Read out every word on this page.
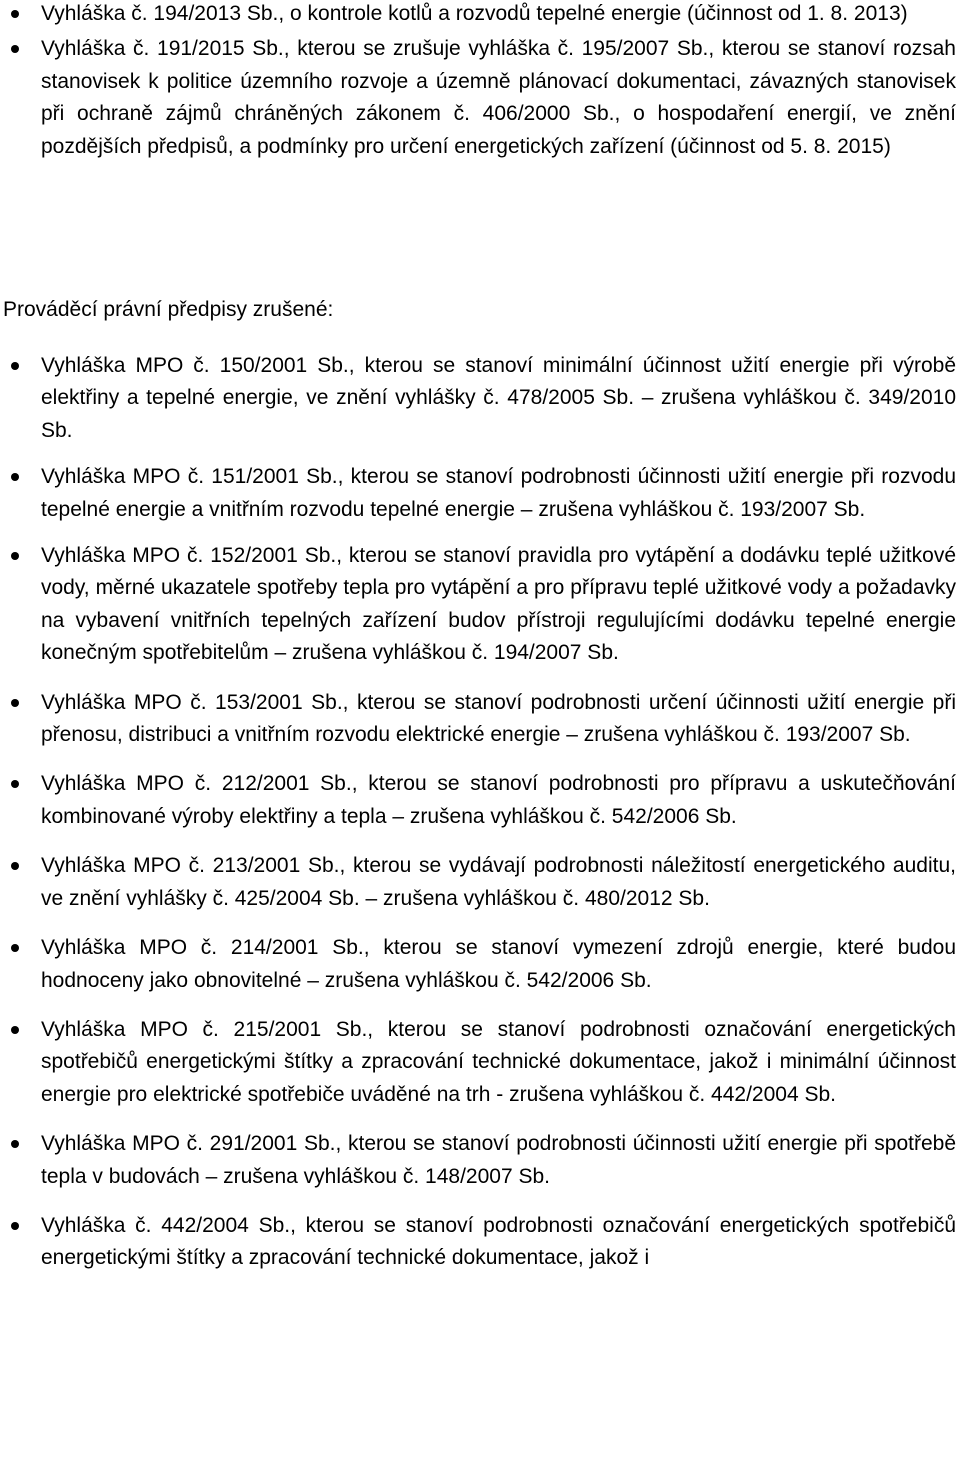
Vyhláška č. 194/2013 Sb., o kontrole kotlů a rozvodů tepelné energie (účinnost od 1. 8. 2013)
Vyhláška č. 191/2015 Sb., kterou se zrušuje vyhláška č. 195/2007 Sb., kterou se stanoví rozsah stanovisek k politice územního rozvoje a územně plánovací dokumentaci, závazných stanovisek při ochraně zájmů chráněných zákonem č. 406/2000 Sb., o hospodaření energií, ve znění pozdějších předpisů, a podmínky pro určení energetických zařízení (účinnost od 5. 8. 2015)

Prováděcí právní předpisy zrušené:

Vyhláška MPO č. 150/2001 Sb., kterou se stanoví minimální účinnost užití energie při výrobě elektřiny a tepelné energie, ve znění vyhlášky č. 478/2005 Sb. – zrušena vyhláškou č. 349/2010 Sb.
Vyhláška MPO č. 151/2001 Sb., kterou se stanoví podrobnosti účinnosti užití energie při rozvodu tepelné energie a vnitřním rozvodu tepelné energie – zrušena vyhláškou č. 193/2007 Sb.
Vyhláška MPO č. 152/2001 Sb., kterou se stanoví pravidla pro vytápění a dodávku teplé užitkové vody, měrné ukazatele spotřeby tepla pro vytápění a pro přípravu teplé užitkové vody a požadavky na vybavení vnitřních tepelných zařízení budov přístroji regulujícími dodávku tepelné energie konečným spotřebitelům – zrušena vyhláškou č. 194/2007 Sb.
Vyhláška MPO č. 153/2001 Sb., kterou se stanoví podrobnosti určení účinnosti užití energie při přenosu, distribuci a vnitřním rozvodu elektrické energie – zrušena vyhláškou č. 193/2007 Sb.
Vyhláška MPO č. 212/2001 Sb., kterou se stanoví podrobnosti pro přípravu a uskutečňování kombinované výroby elektřiny a tepla – zrušena vyhláškou č. 542/2006 Sb.
Vyhláška MPO č. 213/2001 Sb., kterou se vydávají podrobnosti náležitostí energetického auditu, ve znění vyhlášky č. 425/2004 Sb. – zrušena vyhláškou č. 480/2012 Sb.
Vyhláška MPO č. 214/2001 Sb., kterou se stanoví vymezení zdrojů energie, které budou hodnoceny jako obnovitelné – zrušena vyhláškou č. 542/2006 Sb.
Vyhláška MPO č. 215/2001 Sb., kterou se stanoví podrobnosti označování energetických spotřebičů energetickými štítky a zpracování technické dokumentace, jakož i minimální účinnost energie pro elektrické spotřebiče uváděné na trh - zrušena vyhláškou č. 442/2004 Sb.
Vyhláška MPO č. 291/2001 Sb., kterou se stanoví podrobnosti účinnosti užití energie při spotřebě tepla v budovách – zrušena vyhláškou č. 148/2007 Sb.
Vyhláška č. 442/2004 Sb., kterou se stanoví podrobnosti označování energetických spotřebičů energetickými štítky a zpracování technické dokumentace, jakož i
